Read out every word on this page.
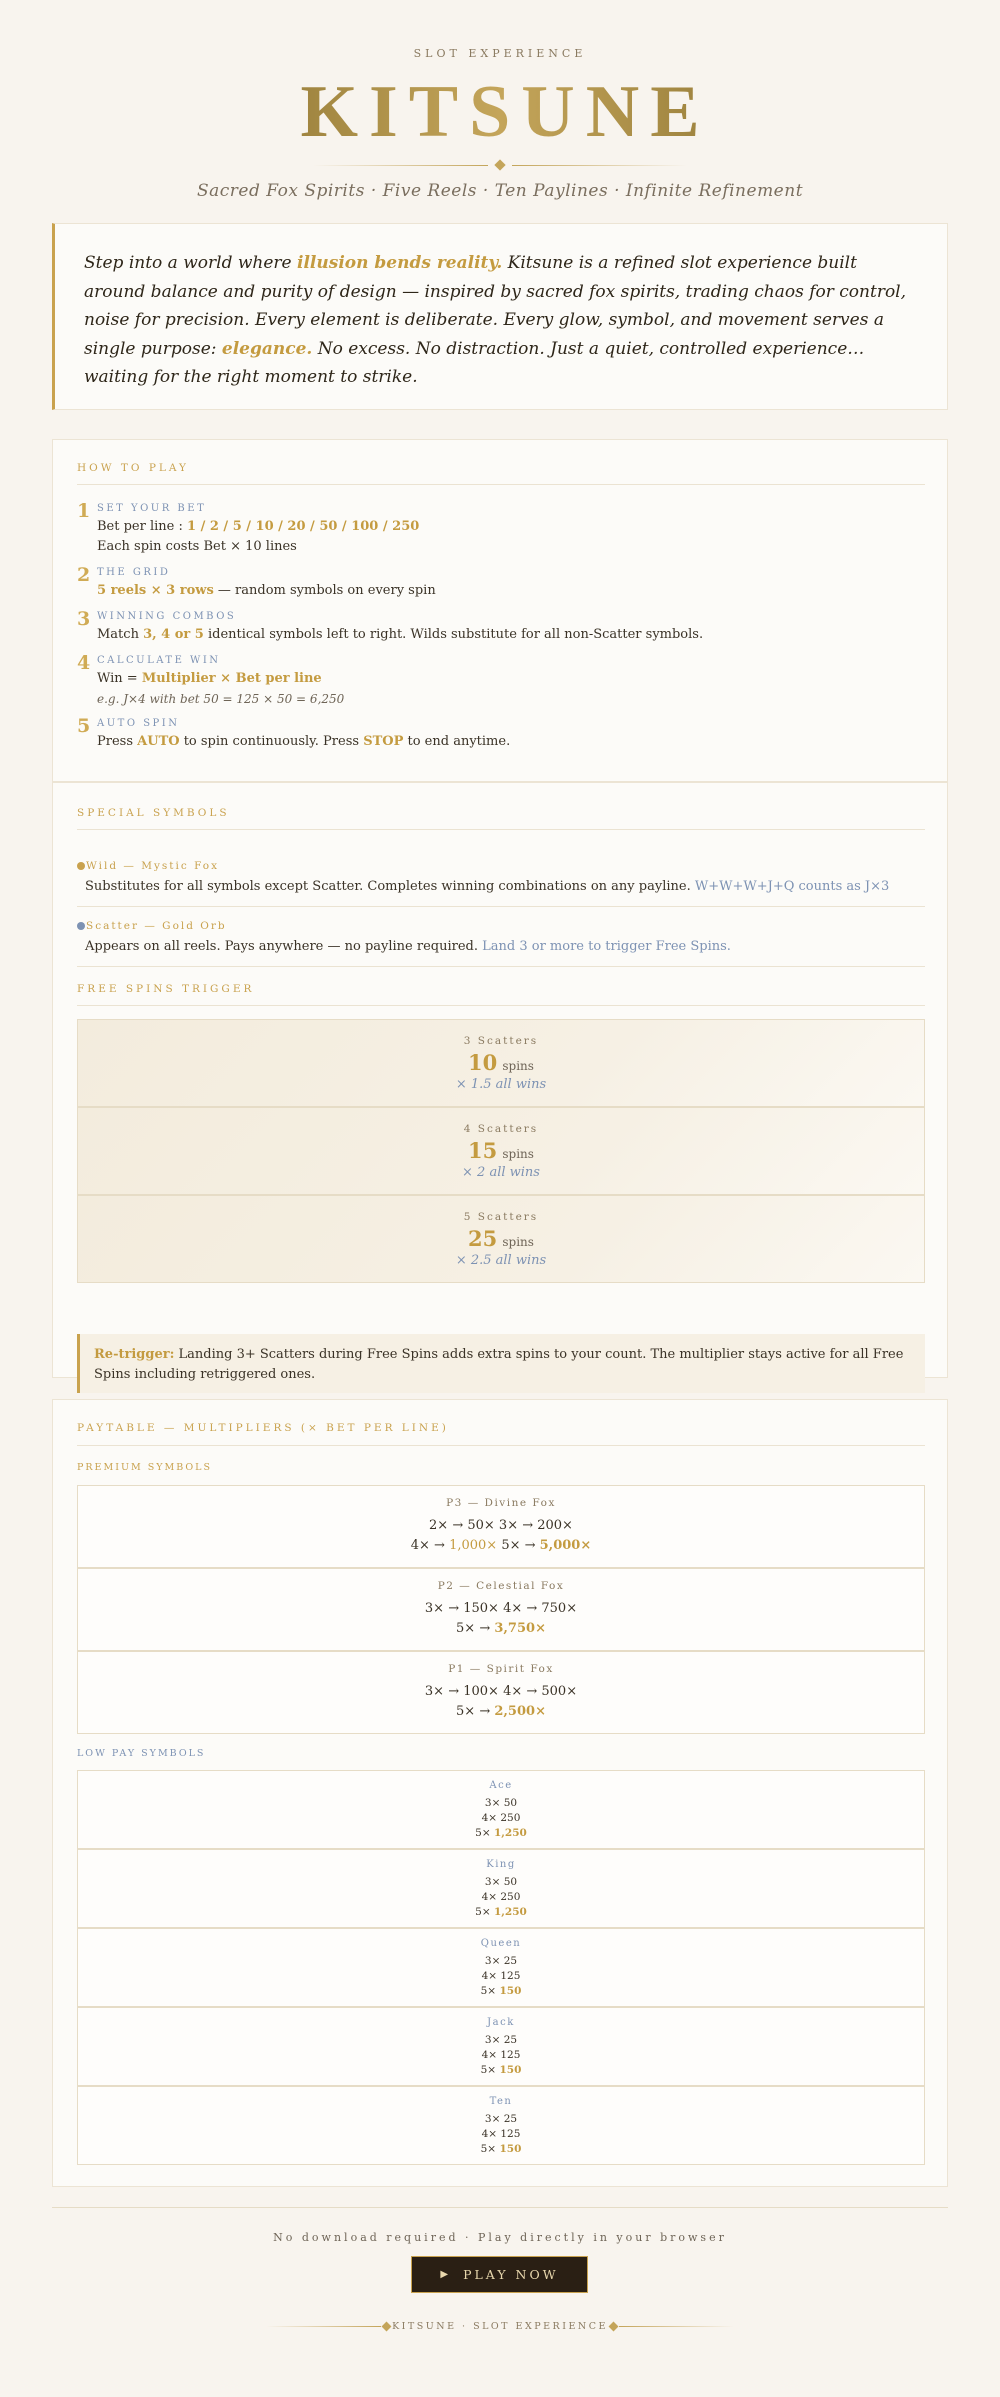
SLOT EXPERIENCE
KITSUNE
Sacred Fox Spirits · Five Reels · Ten Paylines · Infinite Refinement

Step into a world where illusion bends reality. Kitsune is a refined slot experience built around balance and purity of design — inspired by sacred fox spirits, trading chaos for control, noise for precision. Every element is deliberate. Every glow, symbol, and movement serves a single purpose: elegance. No excess. No distraction. Just a quiet, controlled experience… waiting for the right moment to strike.

HOW TO PLAY
1 SET YOUR BET
Bet per line : 1 / 2 / 5 / 10 / 20 / 50 / 100 / 250
Each spin costs Bet × 10 lines
2 THE GRID
5 reels × 3 rows — random symbols on every spin
3 WINNING COMBOS
Match 3, 4 or 5 identical symbols left to right. Wilds substitute for all non-Scatter symbols.
4 CALCULATE WIN
Win = Multiplier × Bet per line
e.g. J×4 with bet 50 = 125 × 50 = 6,250
5 AUTO SPIN
Press AUTO to spin continuously. Press STOP to end anytime.
SPECIAL SYMBOLS
Wild — Mystic Fox
Substitutes for all symbols except Scatter. Completes winning combinations on any payline. W+W+W+J+Q counts as J×3
Scatter — Gold Orb
Appears on all reels. Pays anywhere — no payline required. Land 3 or more to trigger Free Spins.
FREE SPINS TRIGGER
3 Scatters
10 spins
× 1.5 all wins
4 Scatters
15 spins
× 2 all wins
5 Scatters
25 spins
× 2.5 all wins
Re-trigger: Landing 3+ Scatters during Free Spins adds extra spins to your count. The multiplier stays active for all Free Spins including retriggered ones.
PAYTABLE — MULTIPLIERS (× BET PER LINE)
PREMIUM SYMBOLS
P3 — Divine Fox
2× → 50× 3× → 200×
4× → 1,000× 5× → 5,000×
P2 — Celestial Fox
3× → 150× 4× → 750×
5× → 3,750×
P1 — Spirit Fox
3× → 100× 4× → 500×
5× → 2,500×
LOW PAY SYMBOLS
Ace
3× 50
4× 250
5× 1,250
King
3× 50
4× 250
5× 1,250
Queen
3× 25
4× 125
5× 150
Jack
3× 25
4× 125
5× 150
Ten
3× 25
4× 125
5× 150
No download required · Play directly in your browser
▶ PLAY NOW
KITSUNE · SLOT EXPERIENCE
